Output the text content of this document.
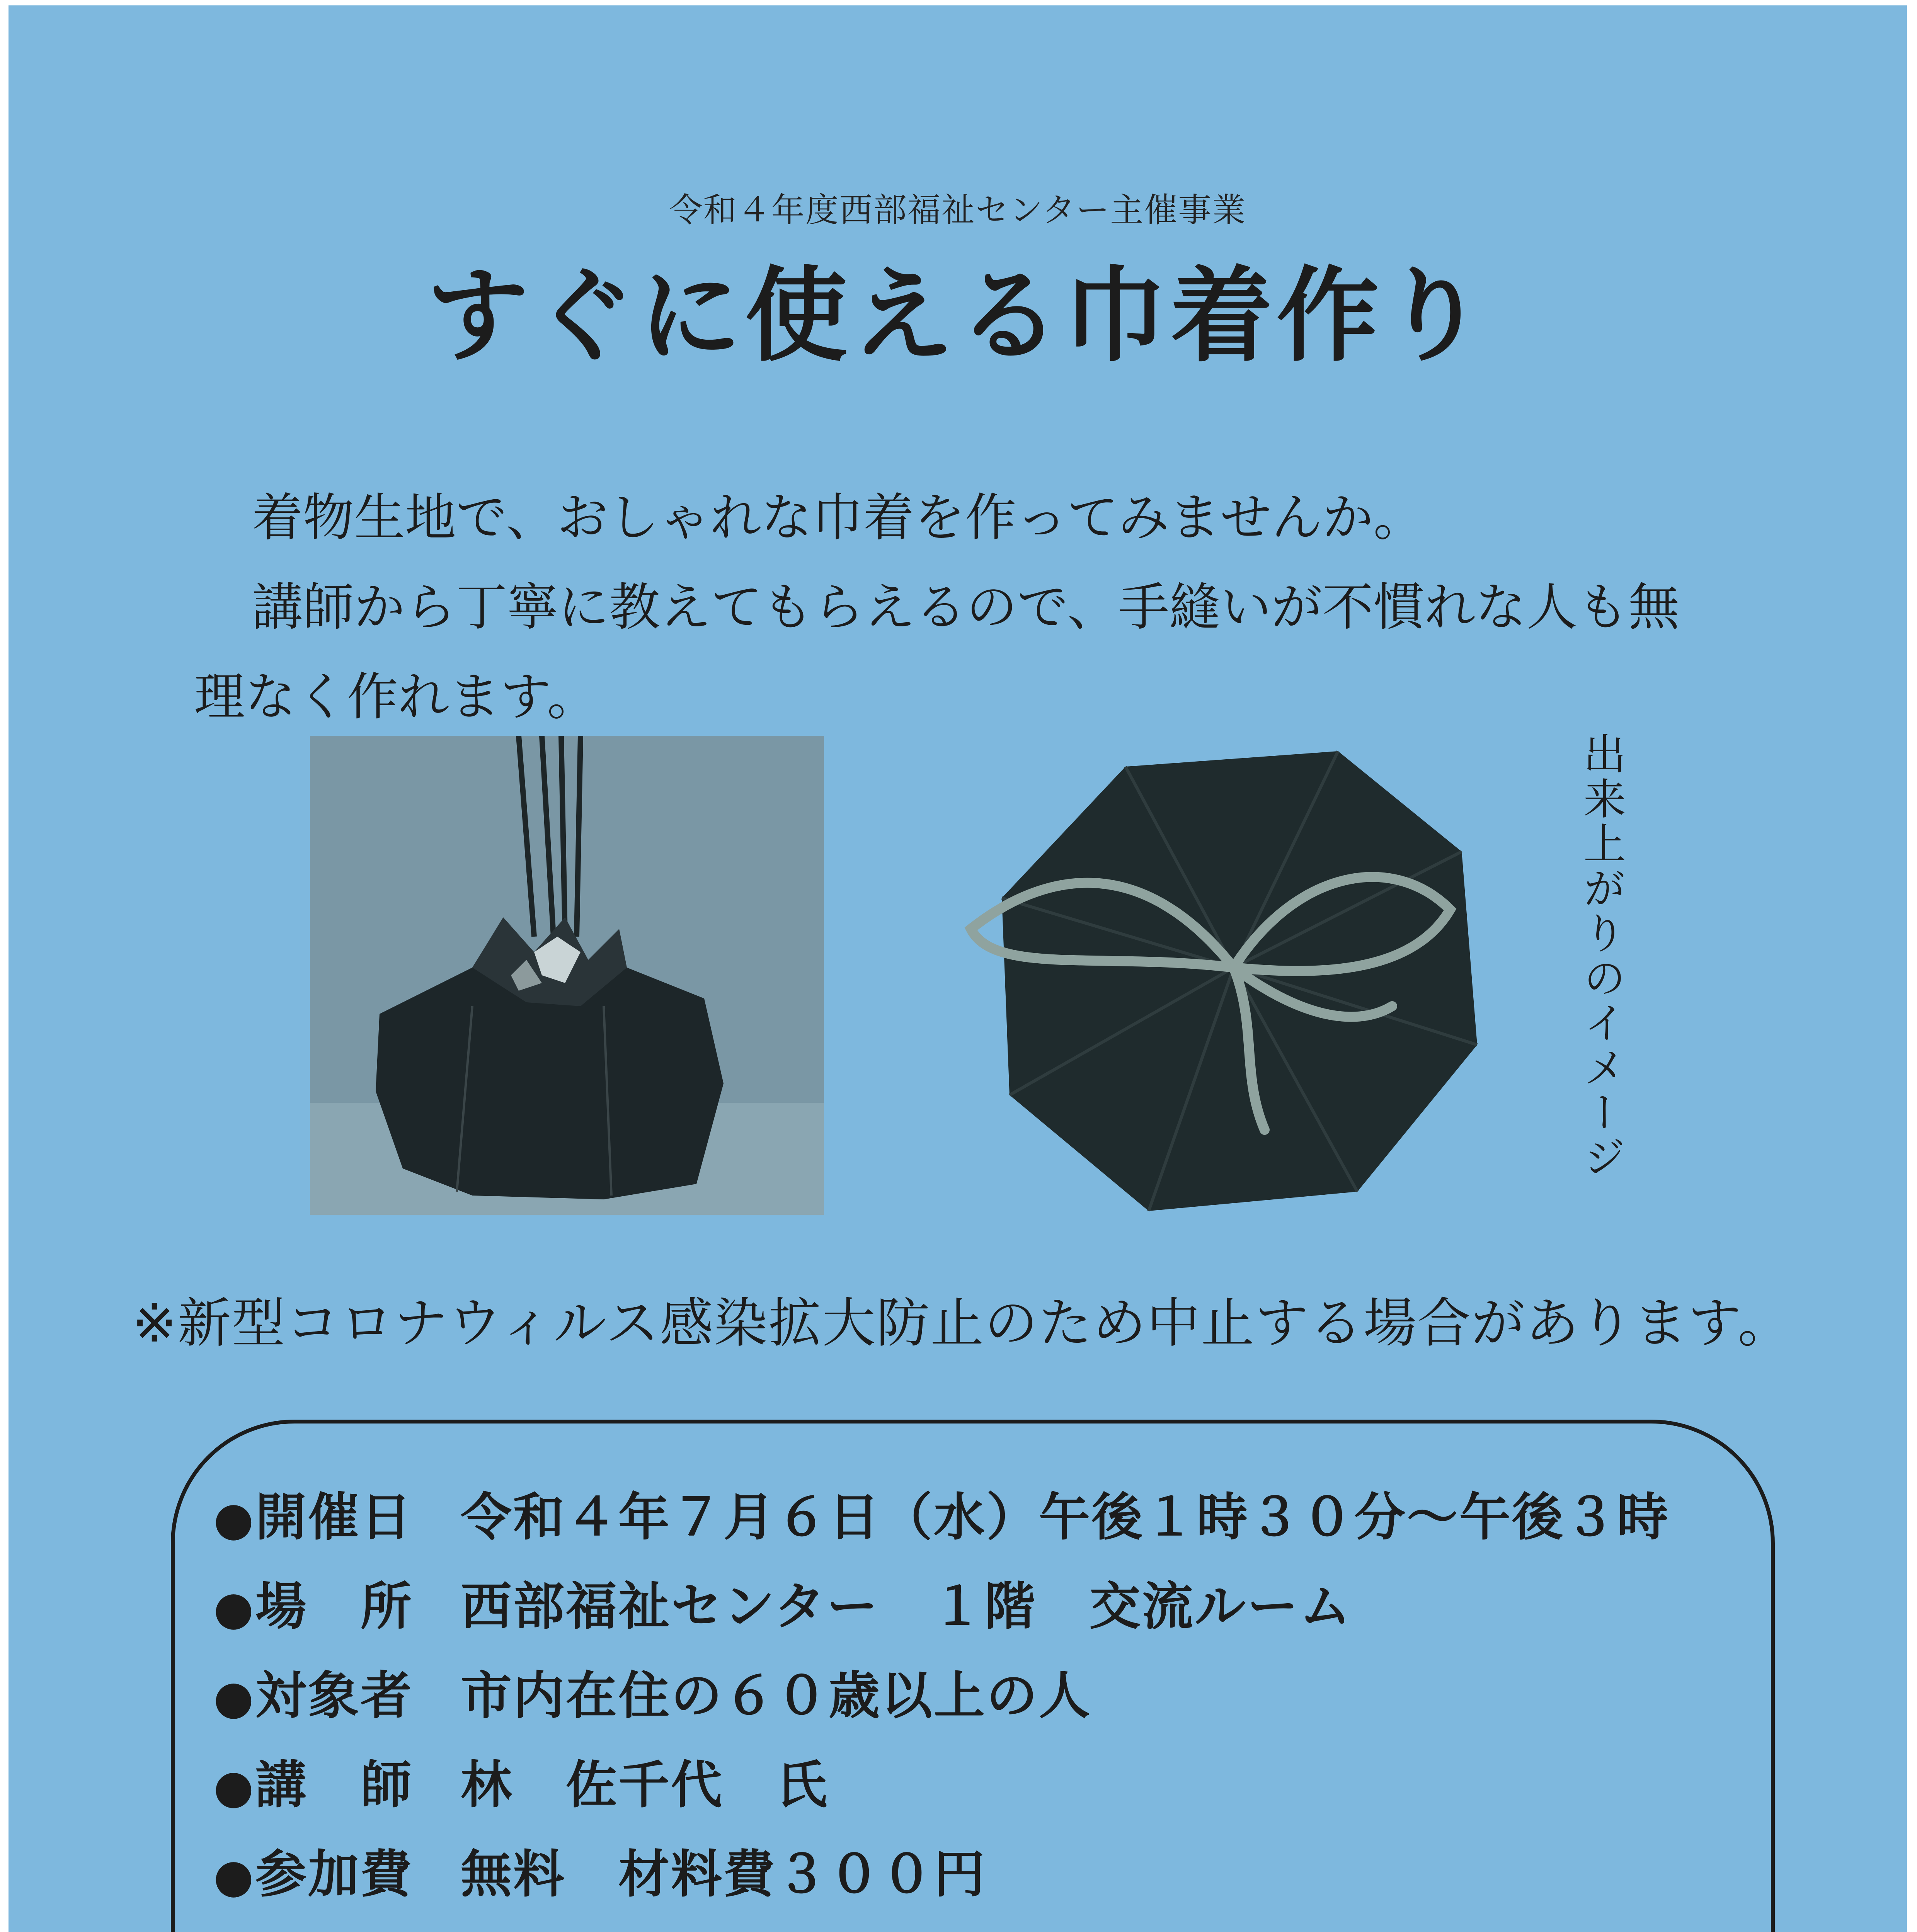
令和４年度西部福祉センター主催事業
すぐに使える巾着作り

着物生地で、おしゃれな巾着を作ってみませんか。

講師から丁寧に教えてもらえるので、手縫いが不慣れな人も無

理なく作れます。

出来上がりのイメージ
※新型コロナウィルス感染拡大防止のため中止する場合があります。
●開催日 令和４年７月６日（水）午後１時３０分～午後３時
●場　所 西部福祉センター　１階　交流ルーム
●対象者 市内在住の６０歳以上の人
●講　師 林　佐千代　氏
●参加費 無料　材料費３００円
